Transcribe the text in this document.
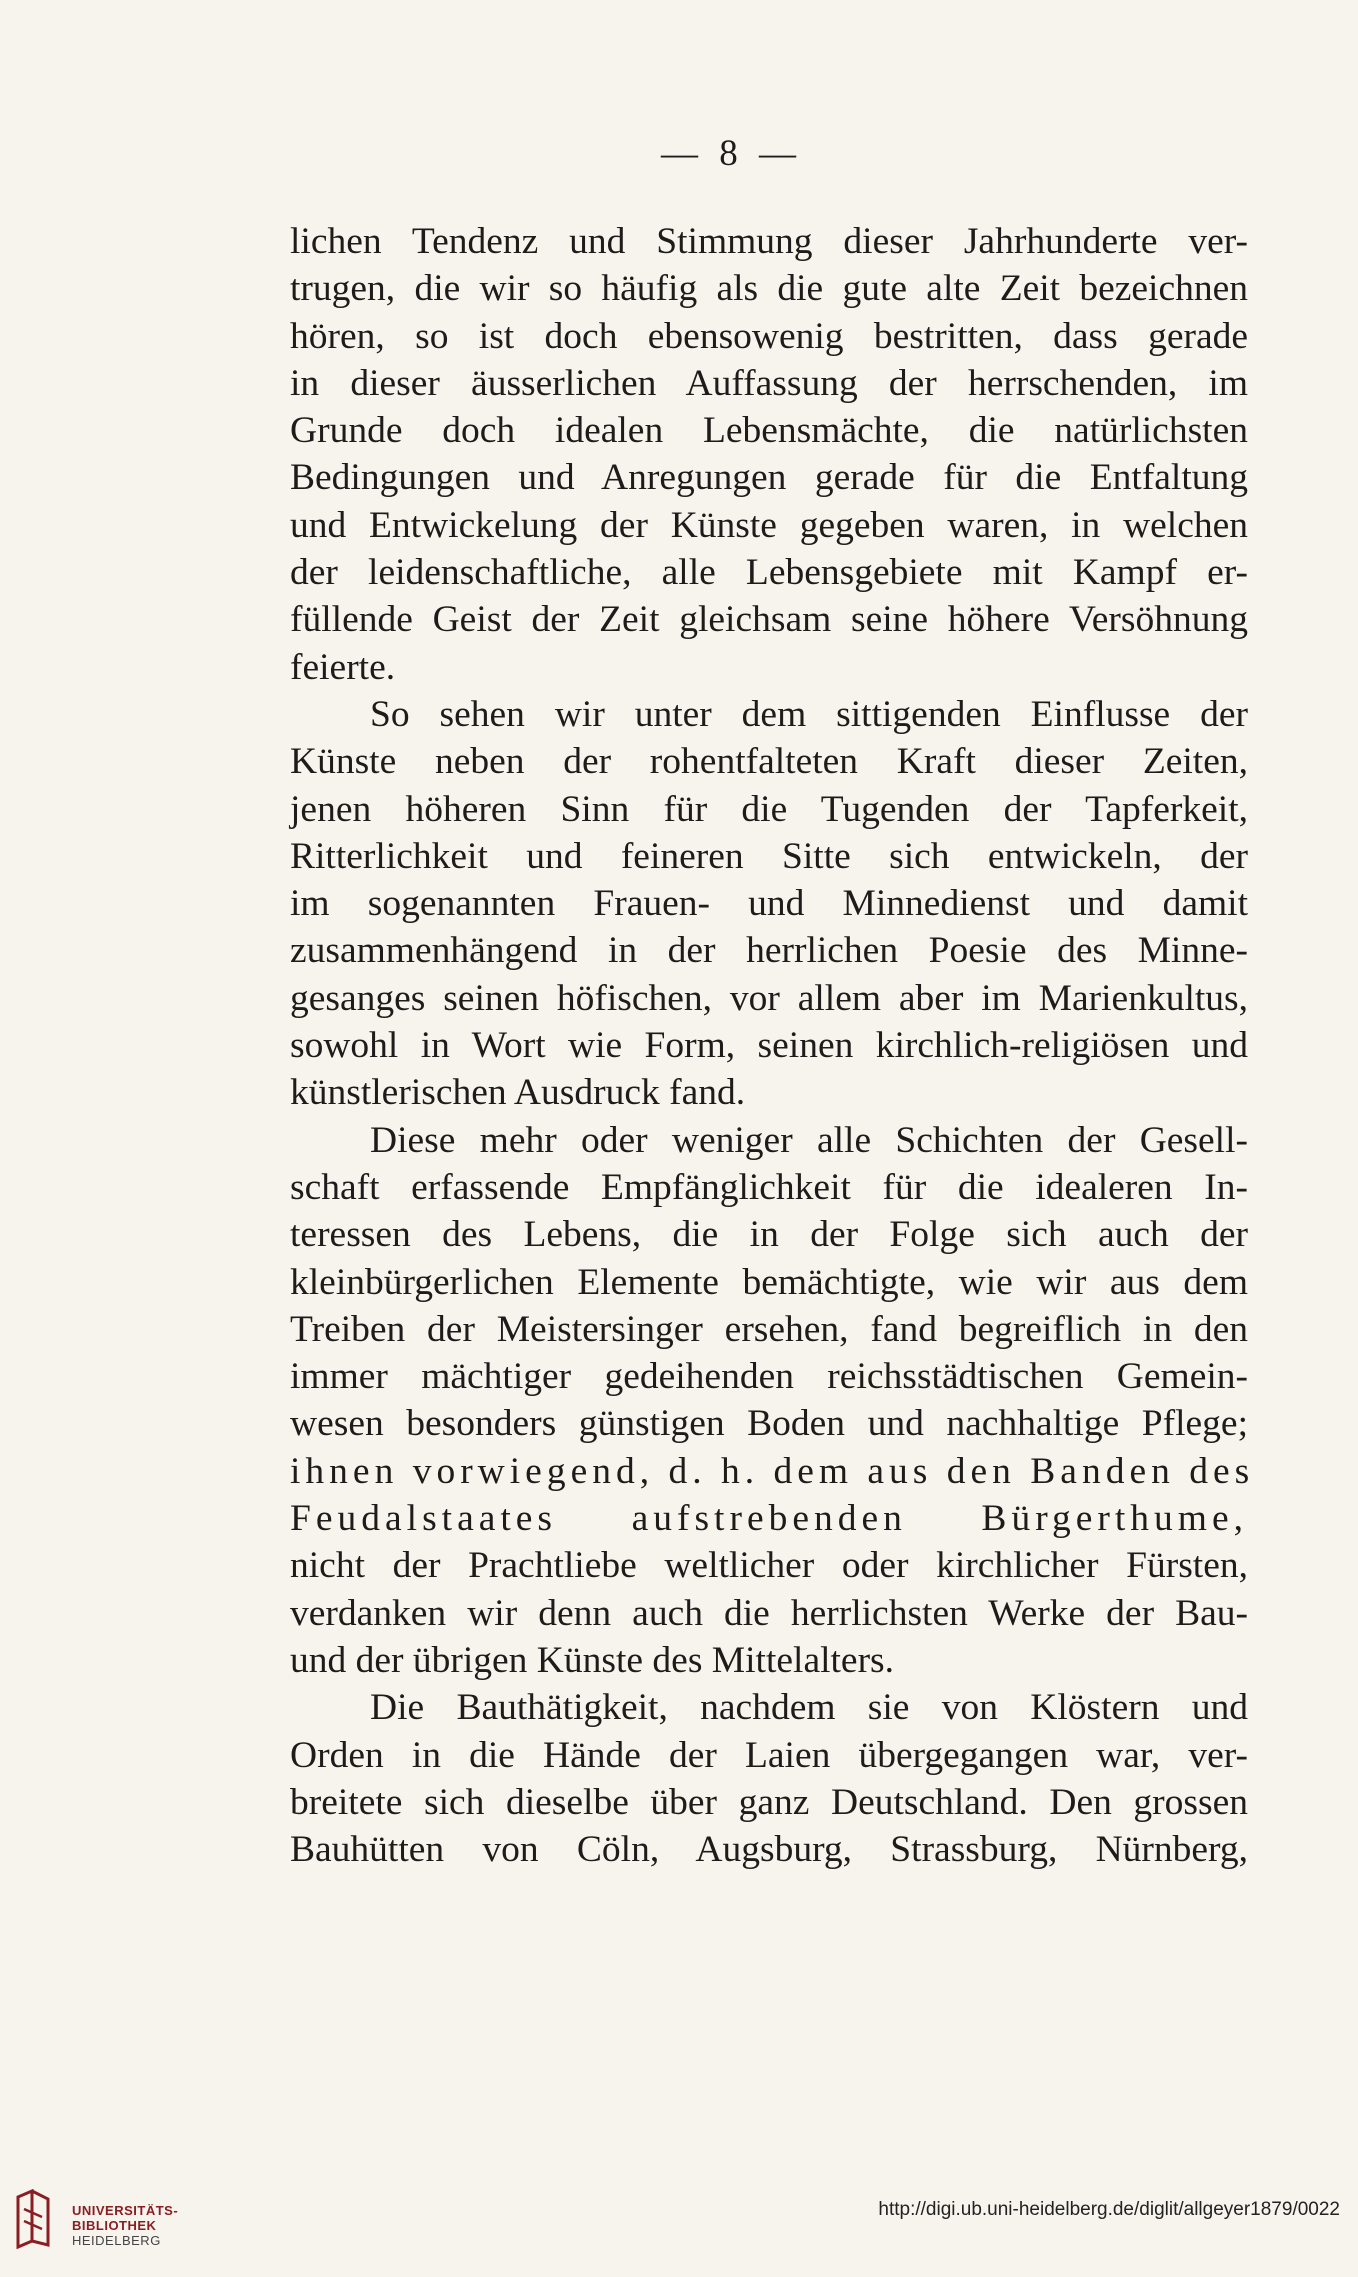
— 8 —
lichen Tendenz und Stimmung dieser Jahrhunderte ver-
trugen, die wir so häufig als die gute alte Zeit bezeichnen
hören, so ist doch ebensowenig bestritten, dass gerade
in dieser äusserlichen Auffassung der herrschenden, im
Grunde doch idealen Lebensmächte, die natürlichsten
Bedingungen und Anregungen gerade für die Entfaltung
und Entwickelung der Künste gegeben waren, in welchen
der leidenschaftliche, alle Lebensgebiete mit Kampf er-
füllende Geist der Zeit gleichsam seine höhere Versöhnung
feierte.
So sehen wir unter dem sittigenden Einflusse der
Künste neben der rohentfalteten Kraft dieser Zeiten,
jenen höheren Sinn für die Tugenden der Tapferkeit,
Ritterlichkeit und feineren Sitte sich entwickeln, der
im sogenannten Frauen- und Minnedienst und damit
zusammenhängend in der herrlichen Poesie des Minne-
gesanges seinen höfischen, vor allem aber im Marienkultus,
sowohl in Wort wie Form, seinen kirchlich-religiösen und
künstlerischen Ausdruck fand.
Diese mehr oder weniger alle Schichten der Gesell-
schaft erfassende Empfänglichkeit für die idealeren In-
teressen des Lebens, die in der Folge sich auch der
kleinbürgerlichen Elemente bemächtigte, wie wir aus dem
Treiben der Meistersinger ersehen, fand begreiflich in den
immer mächtiger gedeihenden reichsstädtischen Gemein-
wesen besonders günstigen Boden und nachhaltige Pflege;
ihnen vorwiegend, d. h. dem aus den Banden des
Feudalstaates aufstrebenden Bürgerthume,
nicht der Prachtliebe weltlicher oder kirchlicher Fürsten,
verdanken wir denn auch die herrlichsten Werke der Bau-
und der übrigen Künste des Mittelalters.
Die Bauthätigkeit, nachdem sie von Klöstern und
Orden in die Hände der Laien übergegangen war, ver-
breitete sich dieselbe über ganz Deutschland. Den grossen
Bauhütten von Cöln, Augsburg, Strassburg, Nürnberg,
UNIVERSITÄTS-
BIBLIOTHEK
HEIDELBERG
http://digi.ub.uni-heidelberg.de/diglit/allgeyer1879/0022
